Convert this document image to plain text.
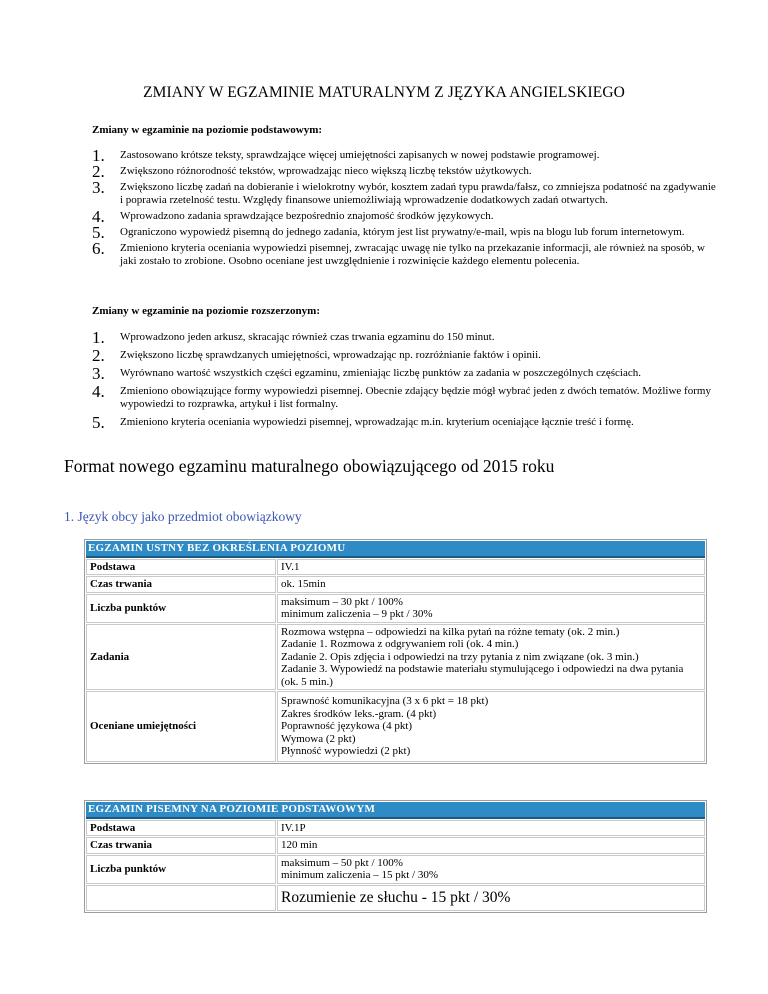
ZMIANY W EGZAMINIE MATURALNYM Z JĘZYKA ANGIELSKIEGO
Zmiany w egzaminie na poziomie podstawowym:
1. Zastosowano krótsze teksty, sprawdzające więcej umiejętności zapisanych w nowej podstawie programowej.
2. Zwiększono różnorodność tekstów, wprowadzając nieco większą liczbę tekstów użytkowych.
3. Zwiększono liczbę zadań na dobieranie i wielokrotny wybór, kosztem zadań typu prawda/fałsz, co zmniejsza podatność na zgadywanie i poprawia rzetelność testu. Względy finansowe uniemożliwiają wprowadzenie dodatkowych zadań otwartych.
4. Wprowadzono zadania sprawdzające bezpośrednio znajomość środków językowych.
5. Ograniczono wypowiedź pisemną do jednego zadania, którym jest list prywatny/e-mail, wpis na blogu lub forum internetowym.
6. Zmieniono kryteria oceniania wypowiedzi pisemnej, zwracając uwagę nie tylko na przekazanie informacji, ale również na sposób, w jaki zostało to zrobione. Osobno oceniane jest uwzględnienie i rozwinięcie każdego elementu polecenia.
Zmiany w egzaminie na poziomie rozszerzonym:
1. Wprowadzono jeden arkusz, skracając również czas trwania egzaminu do 150 minut.
2. Zwiększono liczbę sprawdzanych umiejętności, wprowadzając np. rozróżnianie faktów i opinii.
3. Wyrównano wartość wszystkich części egzaminu, zmieniając liczbę punktów za zadania w poszczególnych częściach.
4. Zmieniono obowiązujące formy wypowiedzi pisemnej. Obecnie zdający będzie mógł wybrać jeden z dwóch tematów. Możliwe formy wypowiedzi to rozprawka, artykuł i list formalny.
5. Zmieniono kryteria oceniania wypowiedzi pisemnej, wprowadzając m.in. kryterium oceniające łącznie treść i formę.
Format nowego egzaminu maturalnego obowiązującego od 2015 roku
1. Język obcy jako przedmiot obowiązkowy
EGZAMIN USTNY BEZ OKREŚLENIA POZIOMU	
Podstawa	IV.1

Czas trwania	ok. 15min

Liczba punktów	maksimum – 30 pkt / 100%
minimum zaliczenia – 9 pkt / 30%

Zadania	Rozmowa wstępna – odpowiedzi na kilka pytań na różne tematy (ok. 2 min.)
Zadanie 1. Rozmowa z odgrywaniem roli (ok. 4 min.)
Zadanie 2. Opis zdjęcia i odpowiedzi na trzy pytania z nim związane (ok. 3 min.)
Zadanie 3. Wypowiedź na podstawie materiału stymulującego i odpowiedzi na dwa pytania (ok. 5 min.)

Oceniane umiejętności	Sprawność komunikacyjna (3 x 6 pkt = 18 pkt)
Zakres środków leks.-gram. (4 pkt)
Poprawność językowa (4 pkt)
Wymowa (2 pkt)
Płynność wypowiedzi (2 pkt)
EGZAMIN PISEMNY NA POZIOMIE PODSTAWOWYM	
Podstawa	IV.1P

Czas trwania	120 min

Liczba punktów	maksimum – 50 pkt / 100%
minimum zaliczenia – 15 pkt / 30%

	Rozumienie ze słuchu - 15 pkt / 30%
